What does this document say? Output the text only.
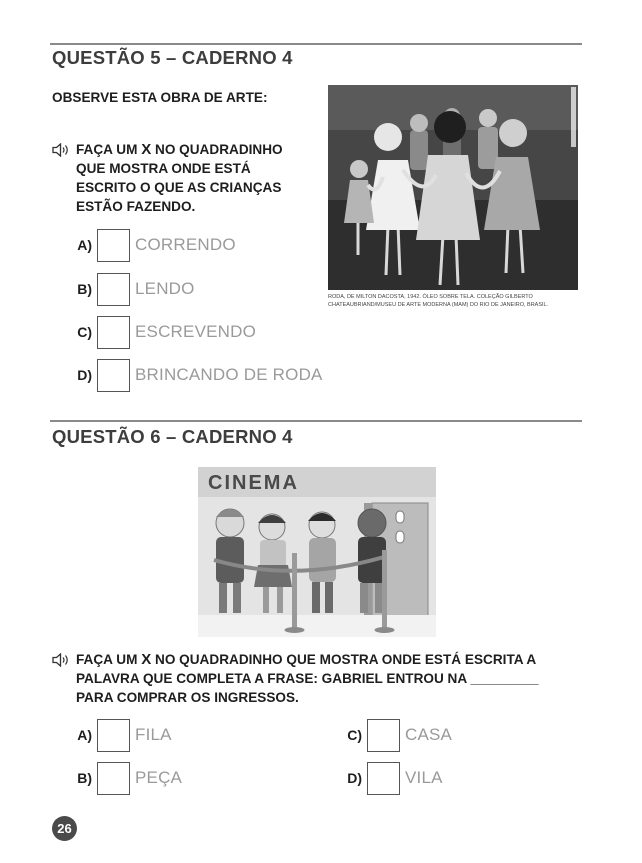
QUESTÃO 5 – CADERNO 4
OBSERVE ESTA OBRA DE ARTE:
FAÇA UM X NO QUADRADINHO
QUE MOSTRA ONDE ESTÁ
ESCRITO O QUE AS CRIANÇAS
ESTÃO FAZENDO.
A)	CORRENDO
B)	LENDO
C)	ESCREVENDO
D)	BRINCANDO DE RODA
RODA, DE MILTON DACOSTA, 1942. ÓLEO SOBRE TELA. COLEÇÃO GILBERTO
CHATEAUBRIAND/MUSEU DE ARTE MODERNA (MAM) DO RIO DE JANEIRO, BRASIL.
QUESTÃO 6 – CADERNO 4
CINEMA
FAÇA UM X NO QUADRADINHO QUE MOSTRA ONDE ESTÁ ESCRITA A
PALAVRA QUE COMPLETA A FRASE: GABRIEL ENTROU NA _________
PARA COMPRAR OS INGRESSOS.
A)	FILA
B)	PEÇA
C)	CASA
D)	VILA
26
